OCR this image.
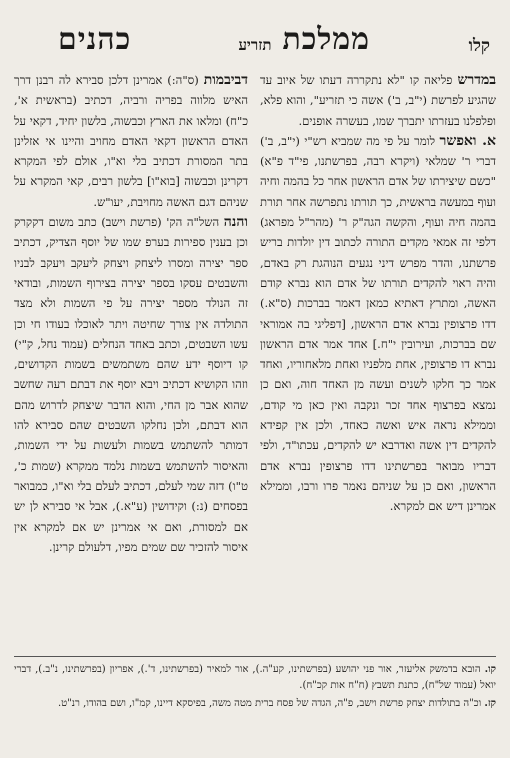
קלו
ממלכת
תזריע
כהנים

במדרש פליאה קו "לא נתקררה דעתו של איוב עד שהגיע לפרשת (י"ב, ב') אשה כי תזריע", והוא פלא, ופלפלנו בעזרתו יתברך שמו, בעשרה אופנים.

א. ואפשר לומר על פי מה שמביא רש"י (י"ב, ב') דברי ר' שמלאי (ויקרא רבה, בפרשתנו, פי"ד פ"א) "כשם שיצירתו של אדם הראשון אחר כל בהמה וחיה ועוף במעשה בראשית, כך תורתו נתפרשה אחר תורת בהמה חיה ועוף, והקשה הגה"ק ר' (מהר"ל מפראג) דלפי זה אמאי מקדים התורה לכתוב דין יולדות בריש פרשתנו, והדר מפרש דיני נגעים הנוהגת רק באדם, והיה ראוי להקדים תורתו של אדם הוא נברא קודם האשה, ומתרץ דאתיא כמאן דאמר בברכות (ס"א.) דדו פרצופין נברא אדם הראשון, [דפליגי בה אמוראי שם בברכות, ועירובין י"ח.] אחד אמר אדם הראשון נברא דו פרצופין, אחת מלפניו ואחת מלאחוריו, ואחד אמר כך חלקו לשנים ועשה מן האחד חוה, ואם כן נמצא בפרצוף אחד זכר ונקבה ואין כאן מי קודם, וממילא נראה איש ואשה כאחד, ולכן אין קפידא להקדים דין אשה ואדרבא יש להקדים, עכתו"ד, ולפי דבריו מבואר בפרשתינו דדו פרצופין נברא אדם הראשון, ואם כן על שניהם נאמר פרו ורבו, וממילא אמרינן דיש אם למקרא.

דביבמות (ס"ה:) אמרינן דלכן סבירא לה רבנן דרך האיש מלווה בפריה ורביה, דכתיב (בראשית א', כ"ח) ומלאו את הארץ וכבשוה, בלשון יחיד, דקאי על האדם הראשון דקאי האדם מחויב והיינו אי אזלינן בתר המסורת דכתיב בלי וא"ו, אולם לפי המקרא דקרינן וכבשוה [בוא"ו] בלשון רבים, קאי המקרא על שניהם דגם האשה מחויבת, יעו"ש.

והנה השל"ה הק' (פרשת וישב) כתב משום דקקרק וכן בענין ספירות בערפ שמו של יוסף הצדיק, דכתיב ספר יצירה ומסרו ליצחק ויצחק ליעקב ויעקב לבניו והשבטים עסקו בספר יצירה בצירוף השמות, ובודאי זה הנולד מספר יצירה על פי השמות ולא מצד התולדה אין צורך שחיטה ויתר לאוכלו בעודו חי וכן עשו השבטים, וכתב באחד הנחלים (עמוד נחל, ק"י) קו דיוסף ידע שהם משתמשים בשמות הקדושים, וזהו הקושיא דכתיב ויבא יוסף את דבתם רעה שחשב שהוא אבר מן החי, והוא הדבר שיצחק לדרוש מהם הוא דבתם, ולכן נחלקו השבטים שהם סבירא להו דמותר להשתמש בשמות ולעשות על ידי השמות, והאיסור להשתמש בשמות נלמד ממקרא (שמות כ', ט"ו) דזה שמי לעלם, דכתיב לעלם בלי וא"ו, כמבואר בפסחים (נ:) וקידושין (ע"א.), אבל אי סבירא לן יש אם למסורת, ואם אי אמרינן יש אם למקרא אין איסור להזכיר שם שמים מפיו, דלעולם קרינן.

קו. הובא בדמשק אליעזר, אור פני יהושע (בפרשתינו, קע"ה.), אור למאיר (בפרשתינו, ד'.), אפריון (בפרשתינו, נ"ב.), דברי יואל (עמוד של"ח), כתנת תשבץ (ח"ח אות קכ"ח).

קז. וכ"ה בתולדות יצחק פרשת וישב, פ"ה, הגדה של פסח ברית מטה משה, בפיסקא דיינו, קמ"ו, ושם בהודו, רנ"ט.
